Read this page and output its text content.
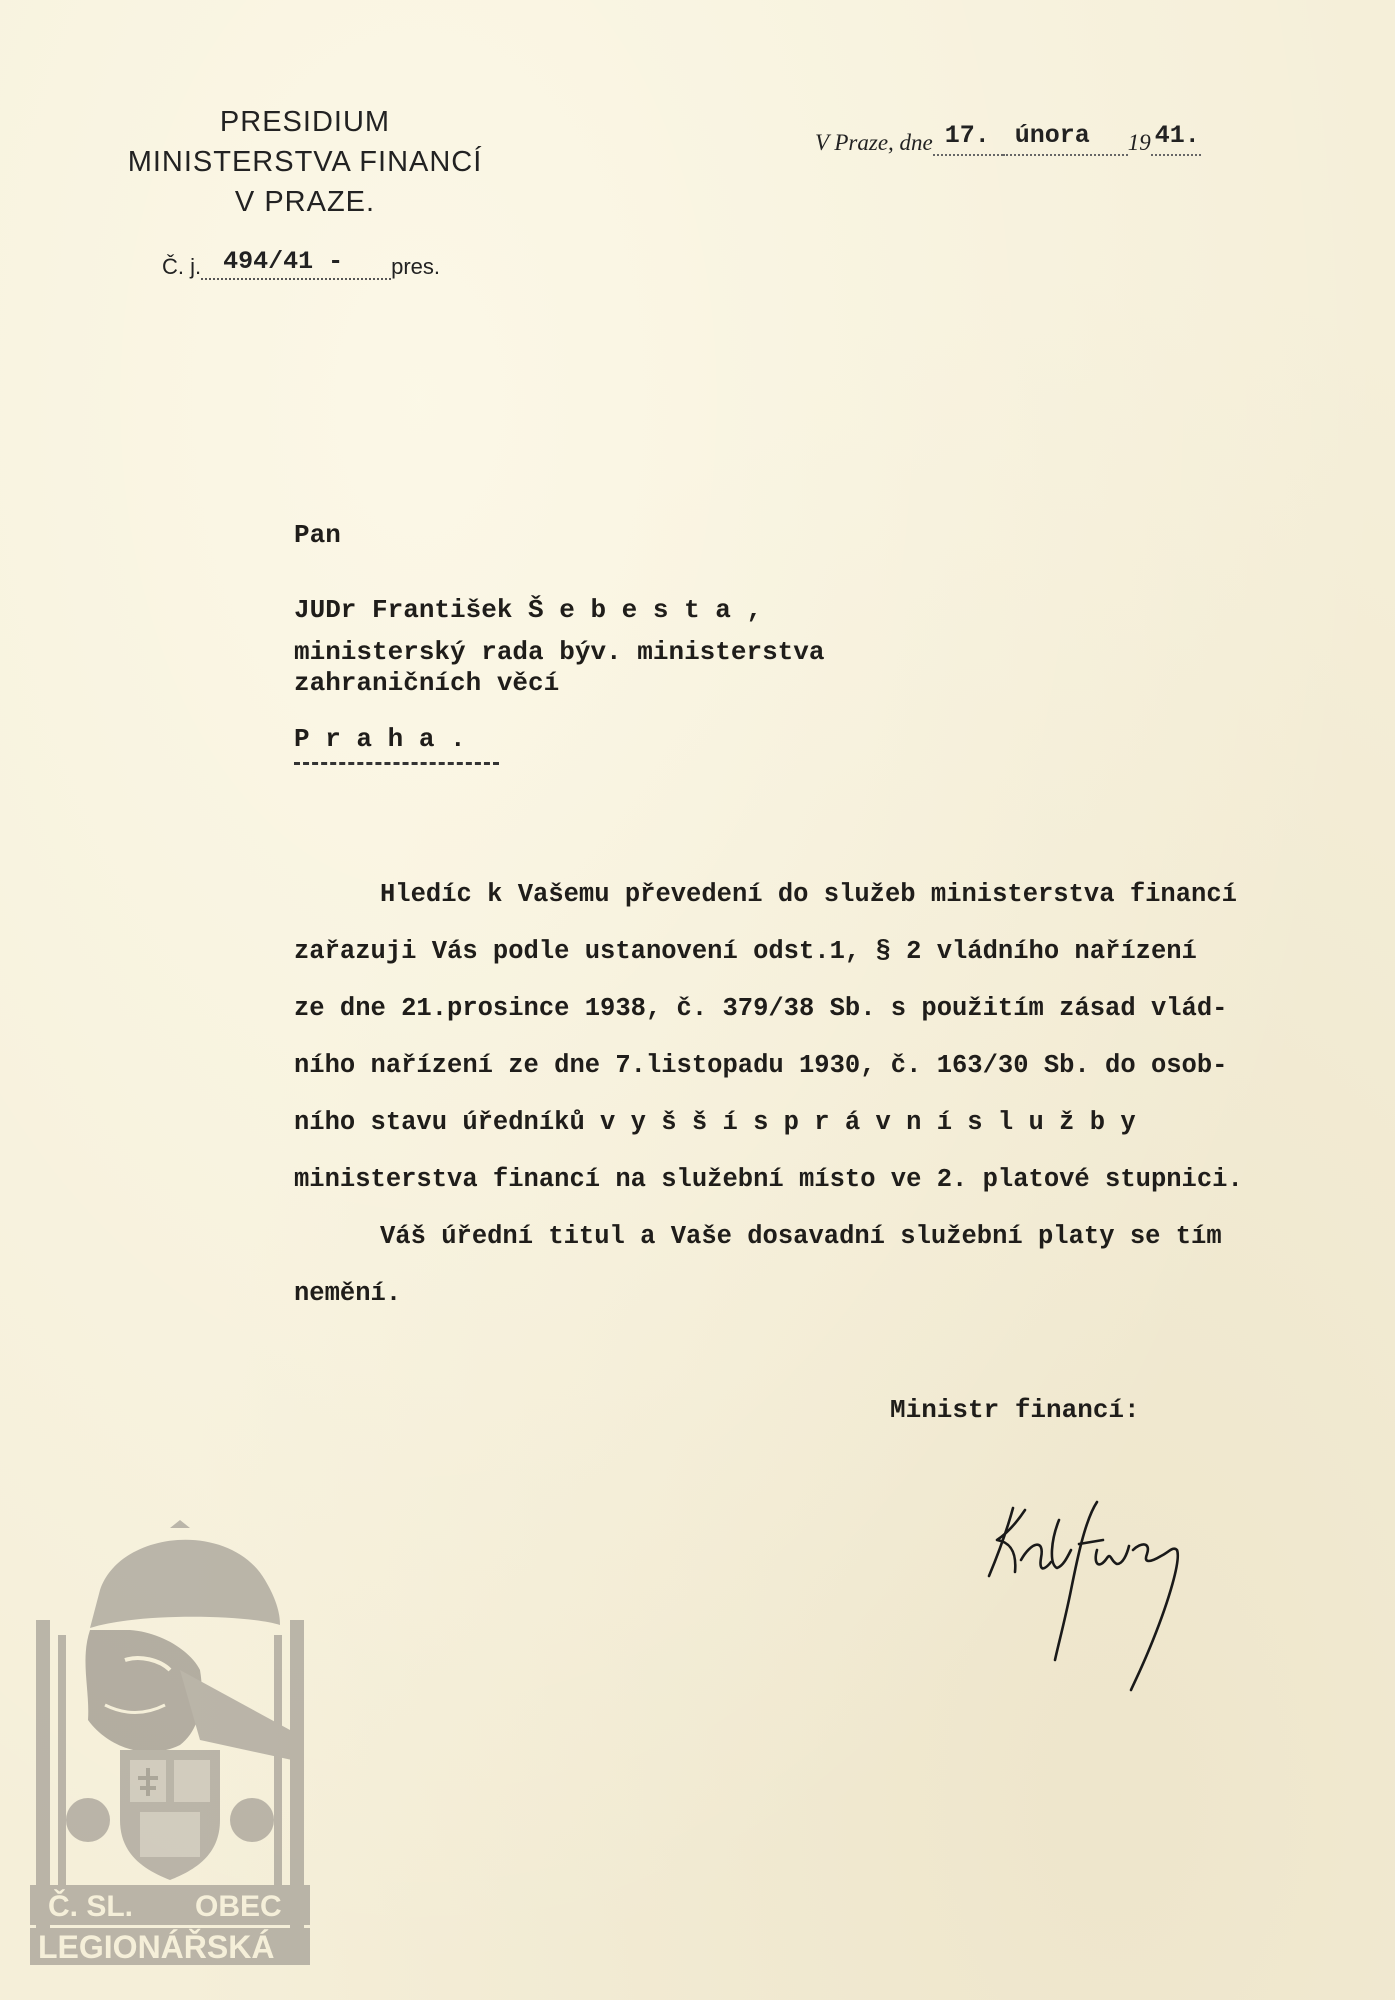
PRESIDIUM
MINISTERSTVA FINANCÍ
V PRAZE.
Č. j. 494/41 - pres.
V Praze, dne 17. února 19 41.
Pan
JUDr František Š e b e s t a ,
ministerský rada býv. ministerstva
zahraničních věcí
P r a h a .
Hledíc k Vašemu převedení do služeb ministerstva financí
zařazuji Vás podle ustanovení odst.1, § 2 vládního nařízení
ze dne 21.prosince 1938, č. 379/38 Sb. s použitím zásad vlád-
ního nařízení ze dne 7.listopadu 1930, č. 163/30 Sb. do osob-
ního stavu úředníků v y š š í s p r á v n í s l u ž b y
ministerstva financí na služební místo ve 2. platové stupnici.
Váš úřední titul a Vaše dosavadní služební platy se tím
nemění.
Ministr financí:
Č. SL. OBEC
LEGIONÁŘSKÁ
